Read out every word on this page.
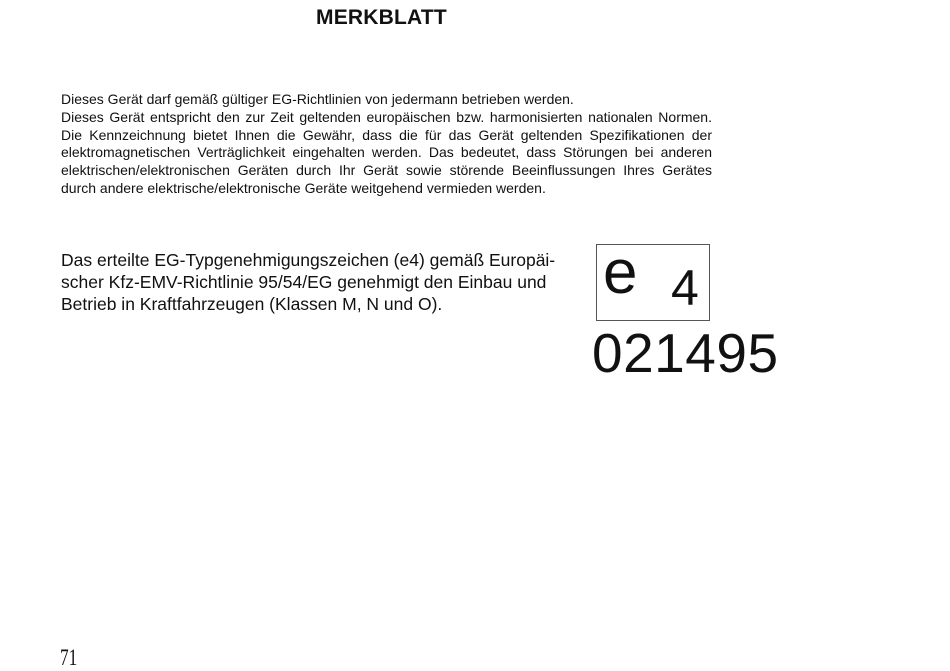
MERKBLATT

Dieses Gerät darf gemäß gültiger EG-Richtlinien von jedermann betrieben werden.

Dieses Gerät entspricht den zur Zeit geltenden europäischen bzw. harmonisierten nationalen Normen. Die Kennzeichnung bietet Ihnen die Gewähr, dass die für das Gerät geltenden Spezifikationen der elektromagnetischen Verträglichkeit eingehalten werden. Das bedeutet, dass Störungen bei anderen elektrischen/elektronischen Geräten durch Ihr Gerät sowie störende Beeinflussungen Ihres Gerätes durch andere elektrische/elektronische Geräte weitgehend vermieden werden.

Das erteilte EG-Typgenehmigungszeichen (e4) gemäß Europäi-
scher Kfz-EMV-Richtlinie 95/54/EG genehmigt den Einbau und
Betrieb in Kraftfahrzeugen (Klassen M, N und O).	e 4
021495
71
